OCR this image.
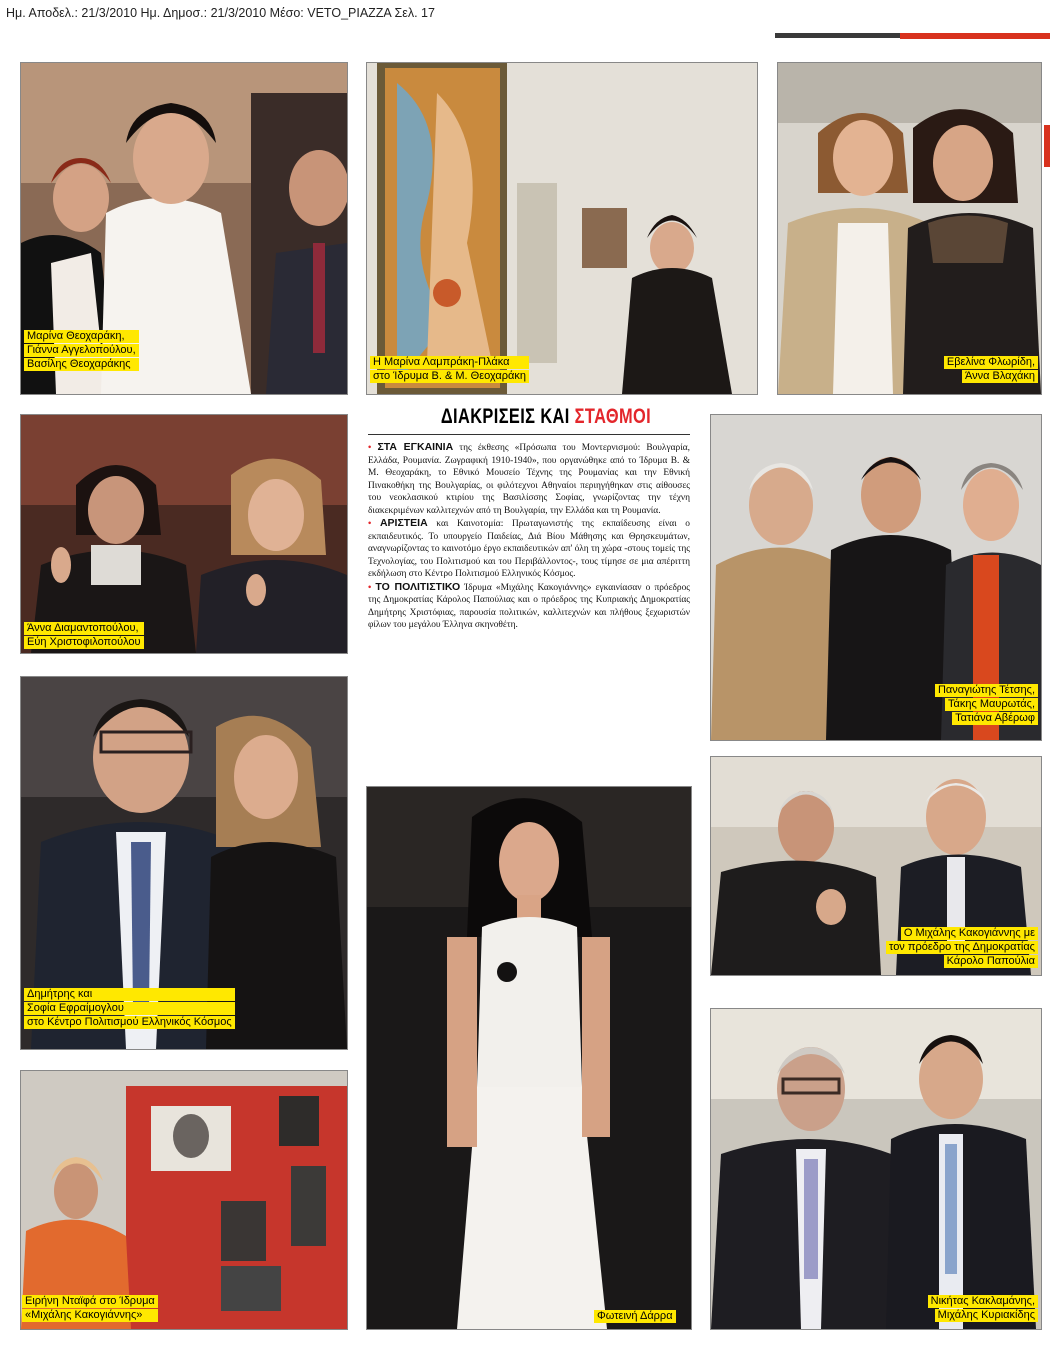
Ημ. Αποδελ.: 21/3/2010 Ημ. Δημοσ.: 21/3/2010 Μέσο: VETO_PIAZZA Σελ. 17
Μαρίνα Θεοχαράκη,
Γιάννα Αγγελοπούλου,
Βασίλης Θεοχαράκης	Η Μαρίνα Λαμπράκη-Πλάκα
στο Ίδρυμα Β. & Μ. Θεοχαράκη
Εβελίνα Φλωρίδη,
Άννα Βλαχάκη
Άννα Διαμαντοπούλου,
Εύη Χριστοφιλοπούλου
Παναγιώτης Τέτσης,
Τάκης Μαυρωτάς,
Τατιάνα Αβέρωφ
Δημήτρης και
Σοφία Εφραίμογλου
στο Κέντρο Πολιτισμού Ελληνικός Κόσμος
ΔΙΑΚΡΙΣΕΙΣ ΚΑΙ ΣΤΑΘΜΟΙ

• ΣΤΑ ΕΓΚΑΙΝΙΑ της έκθεσης «Πρόσωπα του Μοντερνισμού: Βουλγαρία, Ελλάδα, Ρουμανία. Ζωγραφική 1910-1940», που οργανώθηκε από το Ίδρυμα Β. & Μ. Θεοχαράκη, το Εθνικό Μουσείο Τέχνης της Ρουμανίας και την Εθνική Πινακοθήκη της Βουλγαρίας, οι φιλότεχνοι Αθηναίοι περιηγήθηκαν στις αίθουσες του νεοκλασικού κτιρίου της Βασιλίσσης Σοφίας, γνωρίζοντας την τέχνη διακεκριμένων καλλιτεχνών από τη Βουλγαρία, την Ελλάδα και τη Ρουμανία.

• ΑΡΙΣΤΕΙΑ και Καινοτομία: Πρωταγωνιστής της εκπαίδευσης είναι ο εκπαιδευτικός. Το υπουργείο Παιδείας, Διά Βίου Μάθησης και Θρησκευμάτων, αναγνωρίζοντας το καινοτόμο έργο εκπαιδευτικών απ' όλη τη χώρα -στους τομείς της Τεχνολογίας, του Πολιτισμού και του Περιβάλλοντος-, τους τίμησε σε μια απέριττη εκδήλωση στο Κέντρο Πολιτισμού Ελληνικός Κόσμος.

• ΤΟ ΠΟΛΙΤΙΣΤΙΚΟ Ίδρυμα «Μιχάλης Κακογιάννης» εγκαινίασαν ο πρόεδρος της Δημοκρατίας Κάρολος Παπούλιας και ο πρόεδρος της Κυπριακής Δημοκρατίας Δημήτρης Χριστόφιας, παρουσία πολιτικών, καλλιτεχνών και πλήθους ξεχωριστών φίλων του μεγάλου Έλληνα σκηνοθέτη.

Ο Μιχάλης Κακογιάννης με
τον πρόεδρο της Δημοκρατίας
Κάρολο Παπούλια
Φωτεινή Δάρρα
Ειρήνη Νταϊφά στο Ίδρυμα
«Μιχάλης Κακογιάννης»
Νικήτας Κακλαμάνης,
Μιχάλης Κυριακίδης
